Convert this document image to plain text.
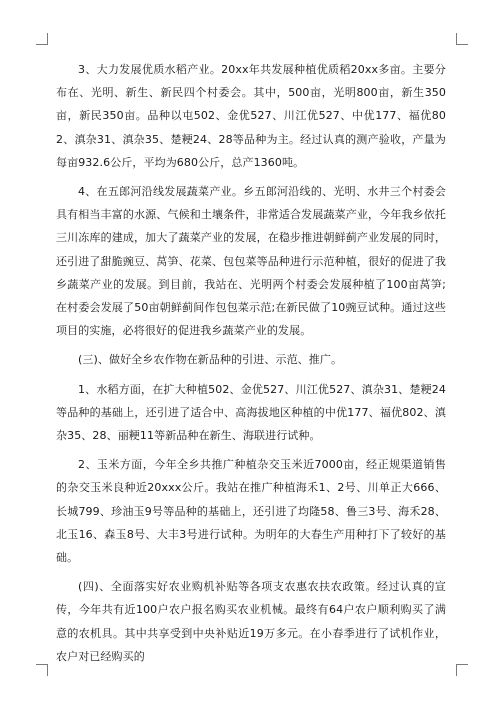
3、大力发展优质水稻产业。20xx年共发展种植优质稻20xx多亩。主要分布在、光明、新生、新民四个村委会。其中，500亩，光明800亩，新生350亩，新民350亩。品种以屯502、金优527、川江优527、中优177、福优802、滇杂31、滇杂35、楚粳24、28等品种为主。经过认真的测产验收，产量为每亩932.6公斤，平均为680公斤，总产1360吨。

4、在五郎河沿线发展蔬菜产业。乡五郎河沿线的、光明、水井三个村委会具有相当丰富的水源、气候和土壤条件，非常适合发展蔬菜产业，今年我乡依托三川冻库的建成，加大了蔬菜产业的发展，在稳步推进朝鲜蓟产业发展的同时，还引进了甜脆豌豆、莴笋、花菜、包包菜等品种进行示范种植，很好的促进了我乡蔬菜产业的发展。到目前，我站在、光明两个村委会发展种植了100亩莴笋;在村委会发展了50亩朝鲜蓟间作包包菜示范;在新民做了10豌豆试种。通过这些项目的实施，必将很好的促进我乡蔬菜产业的发展。

(三)、做好全乡农作物在新品种的引进、示范、推广。

1、水稻方面，在扩大种植502、金优527、川江优527、滇杂31、楚粳24等品种的基础上，还引进了适合中、高海拔地区种植的中优177、福优802、滇杂35、28、丽粳11等新品种在新生、海联进行试种。

2、玉米方面，今年全乡共推广种植杂交玉米近7000亩，经正规渠道销售的杂交玉米良种近20xxx公斤。我站在推广种植海禾1、2号、川单正大666、长城799、珍油玉9号等品种的基础上，还引进了均隆58、鲁三3号、海禾28、北玉16、森玉8号、大丰3号进行试种。为明年的大春生产用种打下了较好的基础。

(四)、全面落实好农业购机补贴等各项支农惠农扶农政策。经过认真的宣传，今年共有近100户农户报名购买农业机械。最终有64户农户顺利购买了满意的农机具。其中共享受到中央补贴近19万多元。在小春季进行了试机作业，农户对已经购买的
